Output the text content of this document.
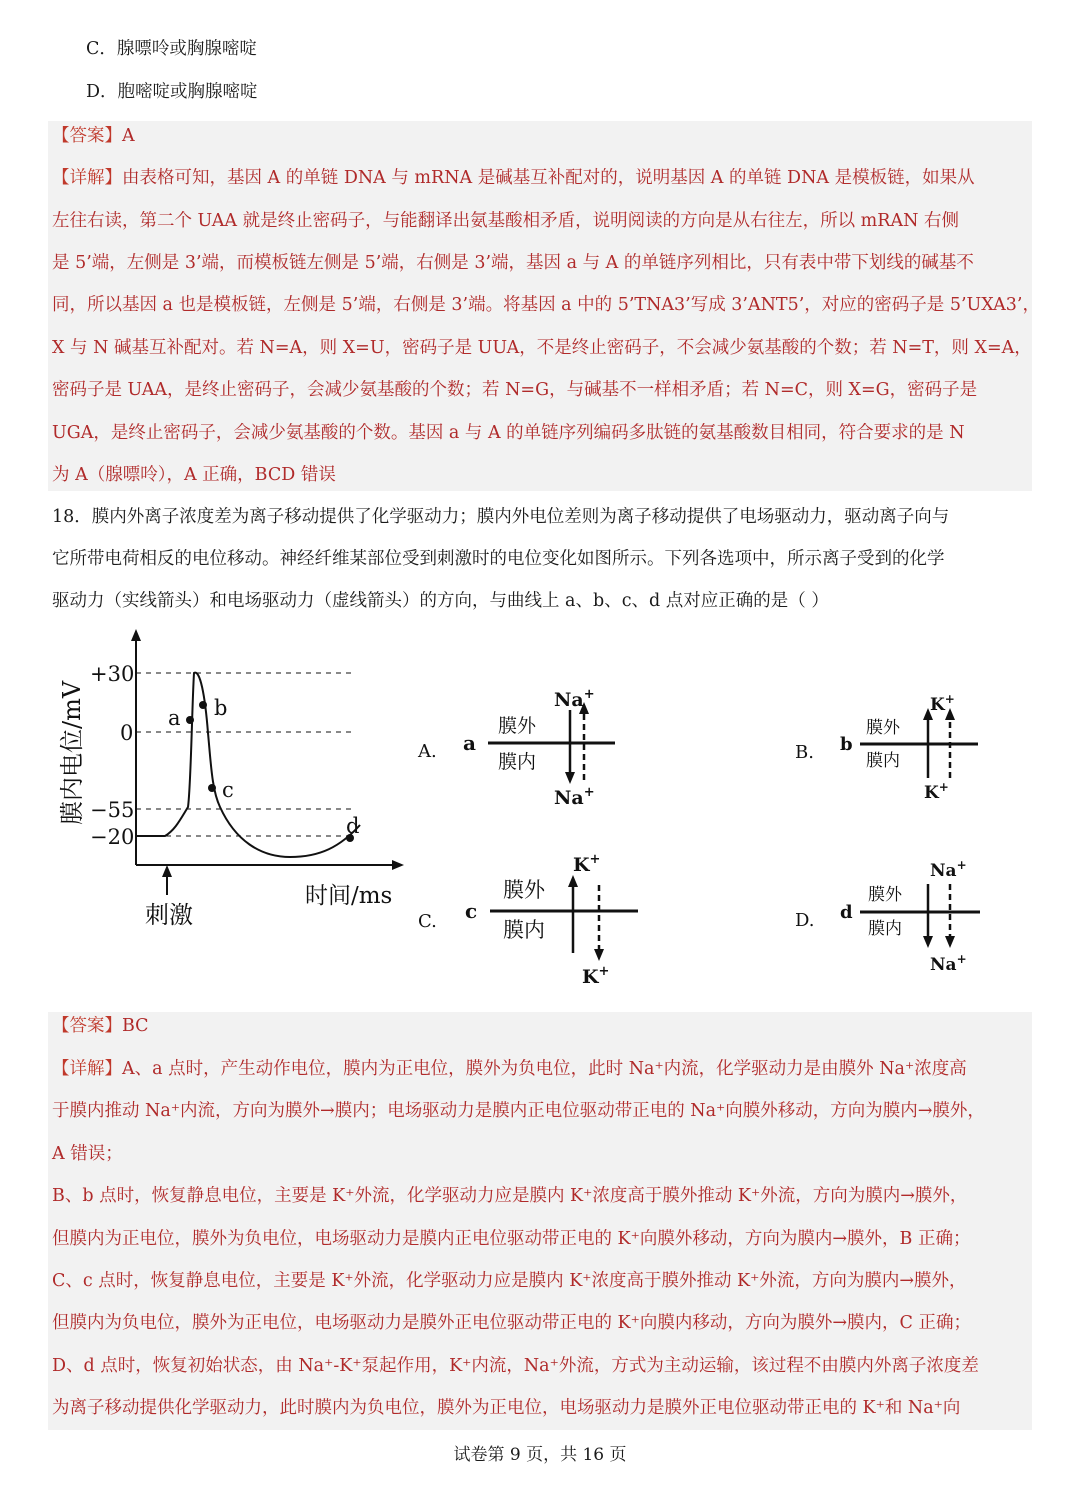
C．腺嘌呤或胸腺嘧啶
D．胞嘧啶或胸腺嘧啶
【答案】A
【详解】由表格可知，基因 A 的单链 DNA 与 mRNA 是碱基互补配对的，说明基因 A 的单链 DNA 是模板链，如果从
左往右读，第二个 UAA 就是终止密码子，与能翻译出氨基酸相矛盾，说明阅读的方向是从右往左，所以 mRAN 右侧
是 5’端，左侧是 3’端，而模板链左侧是 5’端，右侧是 3’端，基因 a 与 A 的单链序列相比，只有表中带下划线的碱基不
同，所以基因 a 也是模板链，左侧是 5’端，右侧是 3’端。将基因 a 中的 5’TNA3’写成 3’ANT5’，对应的密码子是 5’UXA3’，
X 与 N 碱基互补配对。若 N=A，则 X=U，密码子是 UUA，不是终止密码子，不会减少氨基酸的个数；若 N=T，则 X=A，
密码子是 UAA，是终止密码子，会减少氨基酸的个数；若 N=G，与碱基不一样相矛盾；若 N=C，则 X=G，密码子是
UGA，是终止密码子，会减少氨基酸的个数。基因 a 与 A 的单链序列编码多肽链的氨基酸数目相同，符合要求的是 N
为 A（腺嘌呤），A 正确，BCD 错误
18．膜内外离子浓度差为离子移动提供了化学驱动力；膜内外电位差则为离子移动提供了电场驱动力，驱动离子向与
它所带电荷相反的电位移动。神经纤维某部位受到刺激时的电位变化如图所示。下列各选项中，所示离子受到的化学
驱动力（实线箭头）和电场驱动力（虚线箭头）的方向，与曲线上 a、b、c、d 点对应正确的是（ ）
+30
0
−55
−20
膜内电位/mV	a b
c
d
刺激
时间/ms
A. a
膜外
膜内
Na+
Na+
B. b
膜外
膜内
K+
K+
C. c
膜外
膜内
K+
K+
D. d
膜外
膜内
Na+
Na+
【答案】BC
【详解】A、a 点时，产生动作电位，膜内为正电位，膜外为负电位，此时 Na⁺内流，化学驱动力是由膜外 Na⁺浓度高
于膜内推动 Na⁺内流，方向为膜外→膜内；电场驱动力是膜内正电位驱动带正电的 Na⁺向膜外移动，方向为膜内→膜外，
A 错误；
B、b 点时，恢复静息电位，主要是 K⁺外流，化学驱动力应是膜内 K⁺浓度高于膜外推动 K⁺外流，方向为膜内→膜外，
但膜内为正电位，膜外为负电位，电场驱动力是膜内正电位驱动带正电的 K⁺向膜外移动，方向为膜内→膜外，B 正确；
C、c 点时，恢复静息电位，主要是 K⁺外流，化学驱动力应是膜内 K⁺浓度高于膜外推动 K⁺外流，方向为膜内→膜外，
但膜内为负电位，膜外为正电位，电场驱动力是膜外正电位驱动带正电的 K⁺向膜内移动，方向为膜外→膜内，C 正确；
D、d 点时，恢复初始状态，由 Na⁺-K⁺泵起作用，K⁺内流，Na⁺外流，方式为主动运输，该过程不由膜内外离子浓度差
为离子移动提供化学驱动力，此时膜内为负电位，膜外为正电位，电场驱动力是膜外正电位驱动带正电的 K⁺和 Na⁺向
试卷第 9 页，共 16 页
